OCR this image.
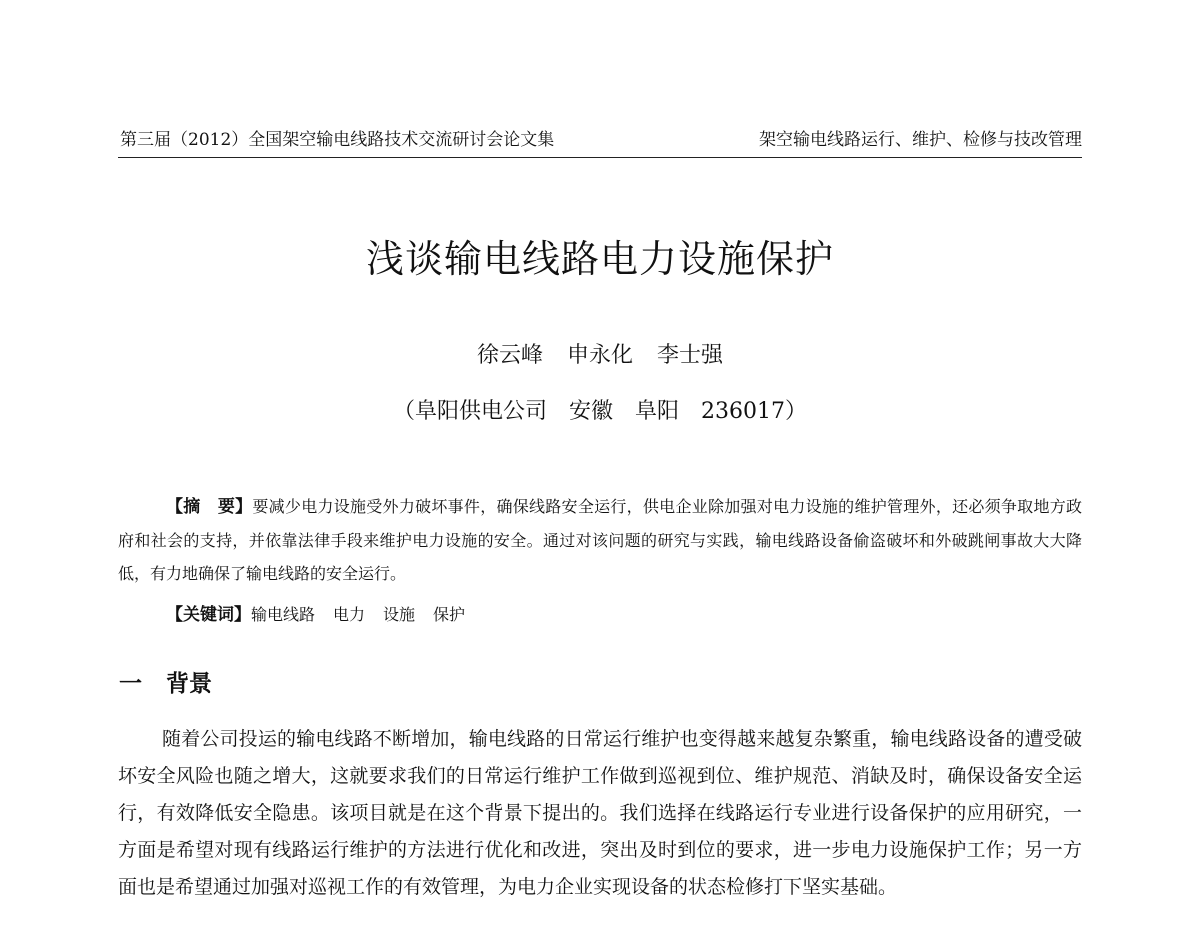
第三届（2012）全国架空输电线路技术交流研讨会论文集	架空输电线路运行、维护、检修与技改管理
浅谈输电线路电力设施保护
徐云峰 申永化 李士强
（阜阳供电公司　安徽　阜阳　236017）

【摘　要】要减少电力设施受外力破坏事件，确保线路安全运行，供电企业除加强对电力设施的维护管理外，还必须争取地方政府和社会的支持，并依靠法律手段来维护电力设施的安全。通过对该问题的研究与实践，输电线路设备偷盗破坏和外破跳闸事故大大降低，有力地确保了输电线路的安全运行。

【关键词】输电线路 电力 设施 保护
一 背景

随着公司投运的输电线路不断增加，输电线路的日常运行维护也变得越来越复杂繁重，输电线路设备的遭受破坏安全风险也随之增大，这就要求我们的日常运行维护工作做到巡视到位、维护规范、消缺及时，确保设备安全运行，有效降低安全隐患。该项目就是在这个背景下提出的。我们选择在线路运行专业进行设备保护的应用研究，一方面是希望对现有线路运行维护的方法进行优化和改进，突出及时到位的要求，进一步电力设施保护工作；另一方面也是希望通过加强对巡视工作的有效管理，为电力企业实现设备的状态检修打下坚实基础。
